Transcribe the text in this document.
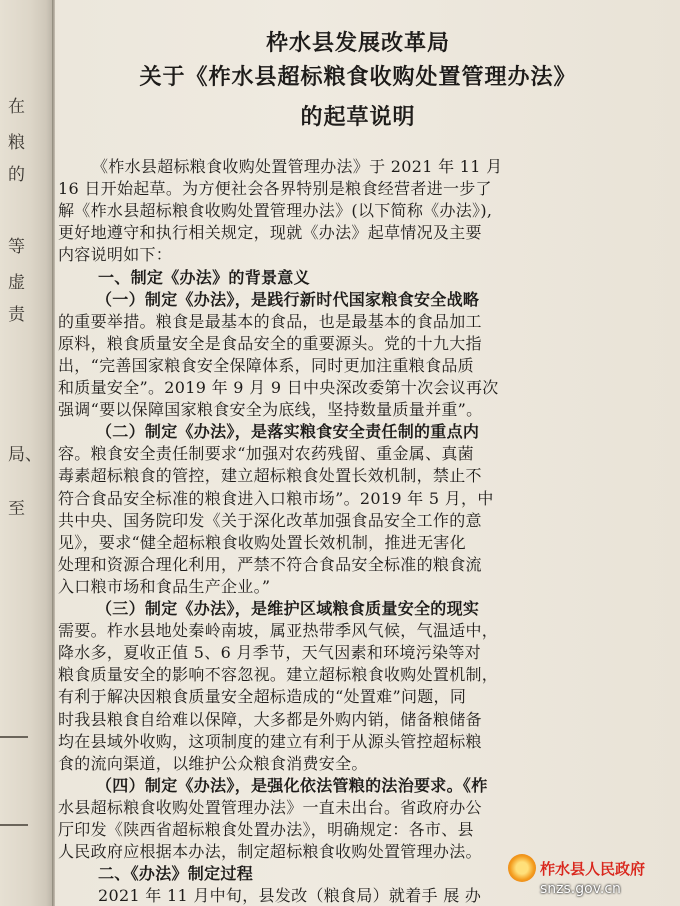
在
粮
的
等
虚
责
局、
至
枠水县发展改革局
关于《柞水县超标粮食收购处置管理办法》
的起草说明
《柞水县超标粮食收购处置管理办法》于 2021 年 11 月
16 日开始起草。为方便社会各界特别是粮食经营者进一步了
解《柞水县超标粮食收购处置管理办法》(以下简称《办法》),
更好地遵守和执行相关规定，现就《办法》起草情况及主要
内容说明如下：
一、制定《办法》的背景意义
（一）制定《办法》，是践行新时代国家粮食安全战略
的重要举措。粮食是最基本的食品，也是最基本的食品加工
原料，粮食质量安全是食品安全的重要源头。党的十九大指
出，“完善国家粮食安全保障体系，同时更加注重粮食品质
和质量安全”。2019 年 9 月 9 日中央深改委第十次会议再次
强调“要以保障国家粮食安全为底线，坚持数量质量并重”。
（二）制定《办法》，是落实粮食安全责任制的重点内
容。粮食安全责任制要求“加强对农药残留、重金属、真菌
毒素超标粮食的管控，建立超标粮食处置长效机制，禁止不
符合食品安全标准的粮食进入口粮市场”。2019 年 5 月，中
共中央、国务院印发《关于深化改革加强食品安全工作的意
见》，要求“健全超标粮食收购处置长效机制，推进无害化
处理和资源合理化利用，严禁不符合食品安全标准的粮食流
入口粮市场和食品生产企业。”
（三）制定《办法》，是维护区域粮食质量安全的现实
需要。柞水县地处秦岭南坡，属亚热带季风气候，气温适中，
降水多，夏收正值 5、6 月季节，天气因素和环境污染等对
粮食质量安全的影响不容忽视。建立超标粮食收购处置机制，
有利于解决因粮食质量安全超标造成的“处置难”问题，同
时我县粮食自给难以保障，大多都是外购内销，储备粮储备
均在县域外收购，这项制度的建立有利于从源头管控超标粮
食的流向渠道，以维护公众粮食消费安全。
（四）制定《办法》，是强化依法管粮的法治要求。《柞
水县超标粮食收购处置管理办法》一直未出台。省政府办公
厅印发《陕西省超标粮食处置办法》，明确规定：各市、县
人民政府应根据本办法，制定超标粮食收购处置管理办法。
二、《办法》制定过程
2021 年 11 月中旬，县发改（粮食局）就着手 展 办
柞水县人民政府
snzs.gov.cn
